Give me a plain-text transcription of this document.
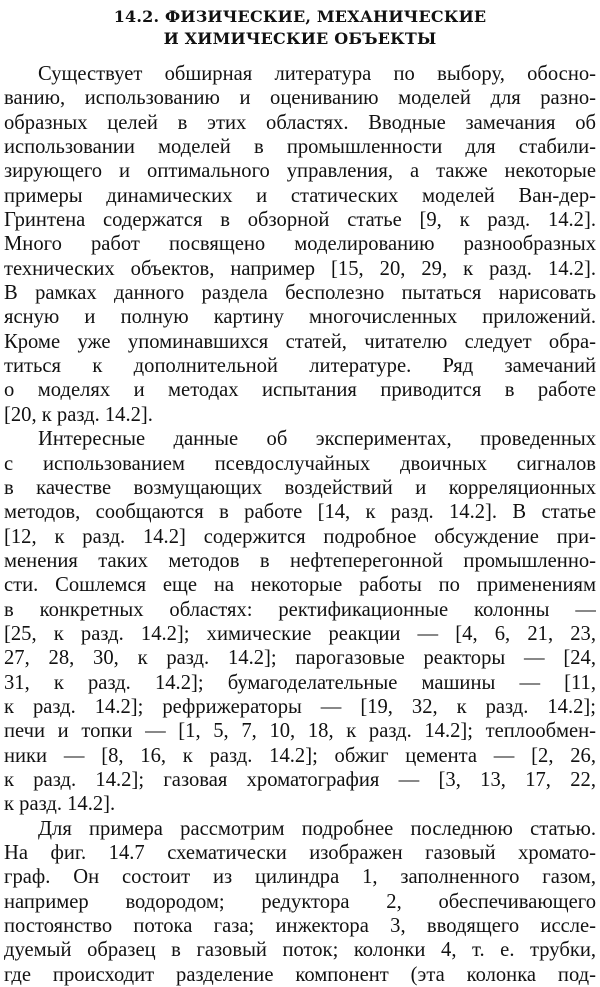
14.2. ФИЗИЧЕСКИЕ, МЕХАНИЧЕСКИЕ
И ХИМИЧЕСКИЕ ОБЪЕКТЫ
Существует обширная литература по выбору, обосно-
ванию, использованию и оцениванию моделей для разно-
образных целей в этих областях. Вводные замечания об
использовании моделей в промышленности для стабили-
зирующего и оптимального управления, а также некоторые
примеры динамических и статических моделей Ван-дер-
Гринтена содержатся в обзорной статье [9, к разд. 14.2].
Много работ посвящено моделированию разнообразных
технических объектов, например [15, 20, 29, к разд. 14.2].
В рамках данного раздела бесполезно пытаться нарисовать
ясную и полную картину многочисленных приложений.
Кроме уже упоминавшихся статей, читателю следует обра-
титься к дополнительной литературе. Ряд замечаний
о моделях и методах испытания приводится в работе
[20, к разд. 14.2].
Интересные данные об экспериментах, проведенных
с использованием псевдослучайных двоичных сигналов
в качестве возмущающих воздействий и корреляционных
методов, сообщаются в работе [14, к разд. 14.2]. В статье
[12, к разд. 14.2] содержится подробное обсуждение при-
менения таких методов в нефтеперегонной промышленно-
сти. Сошлемся еще на некоторые работы по применениям
в конкретных областях: ректификационные колонны —
[25, к разд. 14.2]; химические реакции — [4, 6, 21, 23,
27, 28, 30, к разд. 14.2]; парогазовые реакторы — [24,
31, к разд. 14.2]; бумагоделательные машины — [11,
к разд. 14.2]; рефрижераторы — [19, 32, к разд. 14.2];
печи и топки — [1, 5, 7, 10, 18, к разд. 14.2]; теплообмен-
ники — [8, 16, к разд. 14.2]; обжиг цемента — [2, 26,
к разд. 14.2]; газовая хроматография — [3, 13, 17, 22,
к разд. 14.2].
Для примера рассмотрим подробнее последнюю статью.
На фиг. 14.7 схематически изображен газовый хромато-
граф. Он состоит из цилиндра 1, заполненного газом,
например водородом; редуктора 2, обеспечивающего
постоянство потока газа; инжектора 3, вводящего иссле-
дуемый образец в газовый поток; колонки 4, т. е. трубки,
где происходит разделение компонент (эта колонка под-
